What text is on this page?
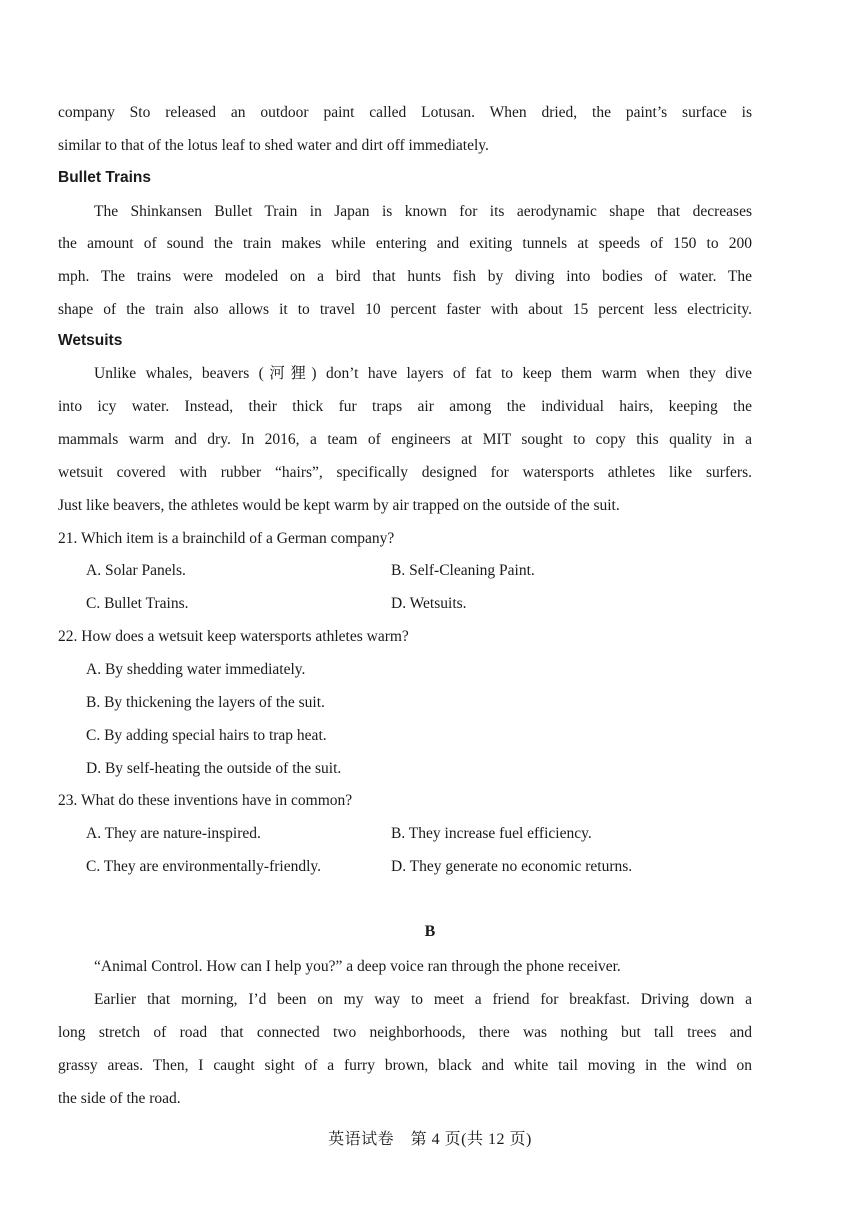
company Sto released an outdoor paint called Lotusan. When dried, the paint’s surface is
similar to that of the lotus leaf to shed water and dirt off immediately.
Bullet Trains
The Shinkansen Bullet Train in Japan is known for its aerodynamic shape that decreases
the amount of sound the train makes while entering and exiting tunnels at speeds of 150 to 200
mph. The trains were modeled on a bird that hunts fish by diving into bodies of water. The
shape of the train also allows it to travel 10 percent faster with about 15 percent less electricity.
Wetsuits
Unlike whales, beavers (河狸) don’t have layers of fat to keep them warm when they dive
into icy water. Instead, their thick fur traps air among the individual hairs, keeping the
mammals warm and dry. In 2016, a team of engineers at MIT sought to copy this quality in a
wetsuit covered with rubber “hairs”, specifically designed for watersports athletes like surfers.
Just like beavers, the athletes would be kept warm by air trapped on the outside of the suit.
21. Which item is a brainchild of a German company?
A. Solar Panels.	B. Self-Cleaning Paint.
C. Bullet Trains.	D. Wetsuits.
22. How does a wetsuit keep watersports athletes warm?
A. By shedding water immediately.
B. By thickening the layers of the suit.
C. By adding special hairs to trap heat.
D. By self-heating the outside of the suit.
23. What do these inventions have in common?
A. They are nature-inspired.	B. They increase fuel efficiency.
C. They are environmentally-friendly.	D. They generate no economic returns.
B
“Animal Control. How can I help you?” a deep voice ran through the phone receiver.
Earlier that morning, I’d been on my way to meet a friend for breakfast. Driving down a
long stretch of road that connected two neighborhoods, there was nothing but tall trees and
grassy areas. Then, I caught sight of a furry brown, black and white tail moving in the wind on
the side of the road.
英语试卷　第 4 页(共 12 页)
